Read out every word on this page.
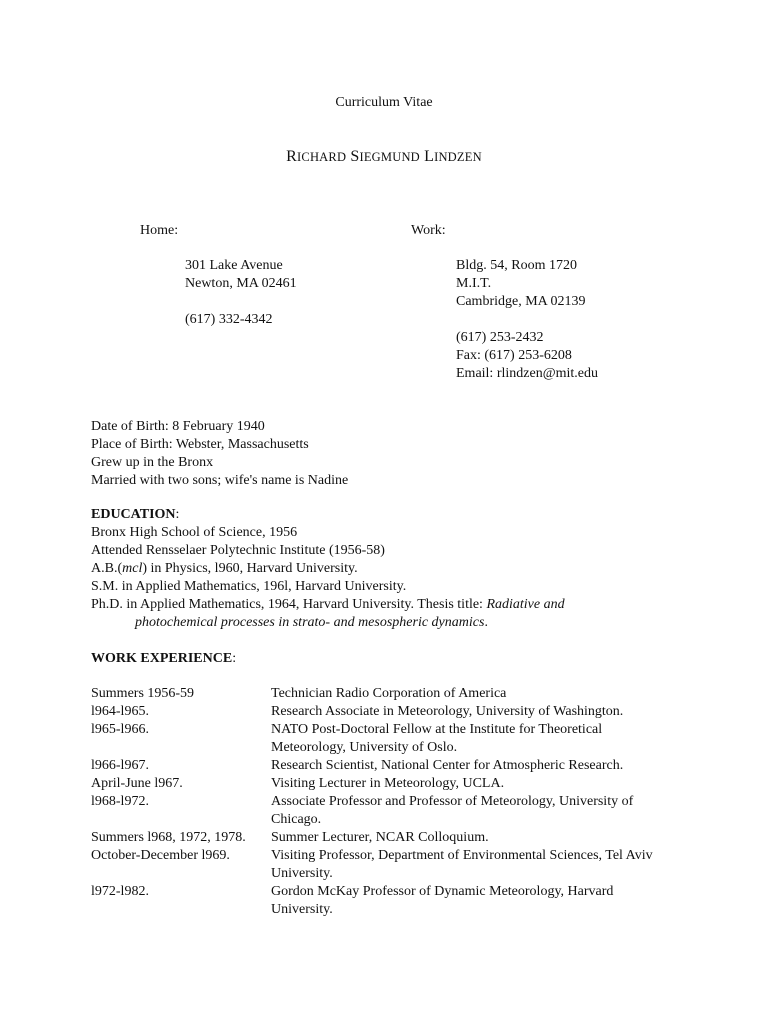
Curriculum Vitae
RICHARD SIEGMUND LINDZEN
Home:	Work:
301 Lake Avenue
Newton, MA 02461
(617) 332-4342
Bldg. 54, Room 1720
M.I.T.
Cambridge, MA 02139
(617) 253-2432
Fax: (617) 253-6208
Email: rlindzen@mit.edu
Date of Birth: 8 February 1940
Place of Birth: Webster, Massachusetts
Grew up in the Bronx
Married with two sons; wife's name is Nadine
EDUCATION:
Bronx High School of Science, 1956
Attended Rensselaer Polytechnic Institute (1956-58)
A.B.(mcl) in Physics, l960, Harvard University.
S.M. in Applied Mathematics, 196l, Harvard University.
Ph.D. in Applied Mathematics, 1964, Harvard University. Thesis title: Radiative and
photochemical processes in strato- and mesospheric dynamics.
WORK EXPERIENCE:
Summers 1956-59	Technician Radio Corporation of America
l964-l965.	Research Associate in Meteorology, University of Washington.
l965-l966.	NATO Post-Doctoral Fellow at the Institute for Theoretical Meteorology, University of Oslo.
l966-l967.	Research Scientist, National Center for Atmospheric Research.
April-June l967.	Visiting Lecturer in Meteorology, UCLA.
l968-l972.	Associate Professor and Professor of Meteorology, University of Chicago.
Summers l968, 1972, 1978.	Summer Lecturer, NCAR Colloquium.
October-December l969.	Visiting Professor, Department of Environmental Sciences, Tel Aviv University.
l972-l982.	Gordon McKay Professor of Dynamic Meteorology, Harvard University.
